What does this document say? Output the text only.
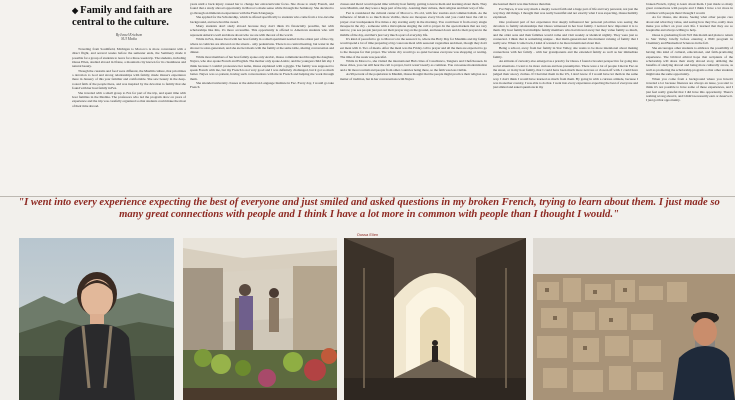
◆ Family and faith are central to the culture.
By Israel Erickson
SUJ Media

Traveling from Southfield, Michigan to Morocco is more convenient with a direct flight, and several weeks before the semester ends, the Seminary made it possible for a group of students to leave for a three-week trip. The students, including Oussa Ellen, studied abroad in Ifrane, a mountain city known for its cleanliness and natural beauty.

Though the customs and food were different, the Muslim culture, that prioritizes a devotion to God and strong relationships with family, made Oussa's experience there in January of this year familiar and comfortable. She saw beauty in the deep-rooted faith of the people there, and was inspired by the devotion to family that she found with her host family in Fez.

She traveled with a small group to Fez for part of the trip, and spent time with host families in the Medina. The professors who led the program drew on years of experience and the trip was carefully organized so that students could make the most of their time abroad.

years until a back injury caused her to change her extracurricular focus. She chose to study French, and found that a study abroad opportunity in Morocco made sense while through the Seminary. She decided to go through an immersion experience with the French language.

She applied for the Scholarship, which is offered specifically to students who come from a low-income background, and received the award.

Many students don't study abroad because they don't think it's financially possible, but with scholarships like this, it's more accessible. This opportunity is offered to American students who will represent America well and share about who we are with the rest of the world.

While in Fez, Oussa lived with her host family in a small apartment nestled in the oldest part of the city, where no vehicles are allowed on the streets - only pedestrians. There is no central heating, but water in the shower is solar-generated, and she ate her meals with the family at the same table, sharing conversation and dinner.

While most members of her host family spoke only Arabic, Oussa communicated through the daughter, Najwa, who also spoke French and English. The mother only spoke Arabic, and the youngest child felt shy. I think because I couldn't pronounce her name, Oussa explained with a giggle. The family was supposed to speak French with me, but my French is not very good and I was definitely challenged, but it got so much better. Najwa was so patient, having such conversations with me in French and helping me work through them.

She attended university classes at the American Language Institute in Fez. Every day, I would go take French

classes and then I would spend time with my host family, getting to know them and learning about them. They were Muslim, and they were a huge part of the trip - learning their culture, their religion and their way of life.

Fez is considered the cultural center of Morocco. It's old, with few tourists and commercialism. As the influence of Islam is so much more visible, there are mosques every block and you could hear the call to prayer over loudspeakers five times a day starting early in the morning. You could hear it from every single mosque in the city - someone with a microphone singing the call to prayer. In the open markets that are very narrow, you see people just put out their prayer rug on the ground, and kneel down and do their prayers in the middle of the day, and that's just very much a part of everyday life.

It's kind of peaceful to go to Morocco in the season it is, where the Holy Day for Muslims and my family would spend a lot of time preparing a big couscous meal with seasonal vegetables and meat, though they don't eat meat with it. Two of meals. After the meal was the Friday call to prayer and all the men are expected to go to the mosque for that prayer. The whole city would go so quiet because everyone was shopping or resting. The time of the week was peaceful.

While in Morocco, she visited the international Hub cities of Casablanca, Tangiers and Chefchaouen. In those cities, you can still hear the call to prayer, but it wasn't nearly as common. You can sense modernization and a bit more tourism and people from other countries being there, so the faith was less visible.

As 99 percent of the population is Muslim, Oussa thought that the people might practice their religion as a matter of tradition, but in her conversations with Najwa

she learned that it was much more than that.

For Najwa, it was very much a deeply rooted faith and a huge part of life and very personal, not just the way they did things. I thought that was really beautiful and not exactly what I was expecting, Oussa humbly explained.

One profound part of her experience that deeply influenced her personal priorities was seeing the devotion to family relationships that Oussa witnessed in her host family. I noticed how important it is to them. My host family had multiple family members who had moved away but they value family so much, and the older sons and their families would come and visit weekly or identical nightly. They were just so connected. I think that is something unique - that multi-generational involvement valuing of family that I really saw. When I come back, I kind of wanted to be more intentional about that.

Being a school, away from her family in Star Valley, she wants to be more intentional about making connections with her family - with her grandparents and the extended family as well as her immediate family.

An attitude of curiosity also emerged as a priority for Oussa. I found a broader perspective for going into social situations. I want to be more curious and less presumptive. There were a lot of people I met in Fez on the street, or in my host family, that I could have been much more nervous or closed-off with. I could have judged their snowy clothes. If I had met them in the US, I don't know if I would have let them in the same way. I don't think I would have learned as much from them. By going in with a curious attitude, because I was in another country, I was able to do that. I went into every experience expecting the best of everyone and just smiled and asked questions in my

broken French, trying to learn about them. I just made so many great connections with people and I think I have a lot more in common with people than I thought I would.

As for Oussa, she shares, Seeing what other people care about and what they value, and seeing how they live, really does make you reflect on your own life. I learned that they are so hospitable and always willing to help.

Oussa is graduating from SUJ this month and plans to return to Star Valley briefly before entering a PhD program in Chemistry and Biomedical Sciences in the fall.

She encourages other students to embrace the possibility of having this kind of cultural, educational, and faith-promoting experience. The biblical ethical hope that recipients of the scholarship will share their study abroad story, utilizing the benefits of studying abroad and being more culturally aware, as well as promoting the scholarship program so that other students might take the same opportunity.

When you come from a background where you haven't traveled a lot because finances are always an issue, you start to think it's not possible to have some of these experiences, and I just feel really grateful that I did have this opportunity. There's nothing wrong about it, and I didn't necessarily earn or deserve it. I just got that opportunity.

"I went into every experience expecting the best of everyone and just smiled and asked questions in my broken French, trying to learn about them. I just made so many great connections with people and I think I have a lot more in common with people than I thought I would."
Oussa Ellen
